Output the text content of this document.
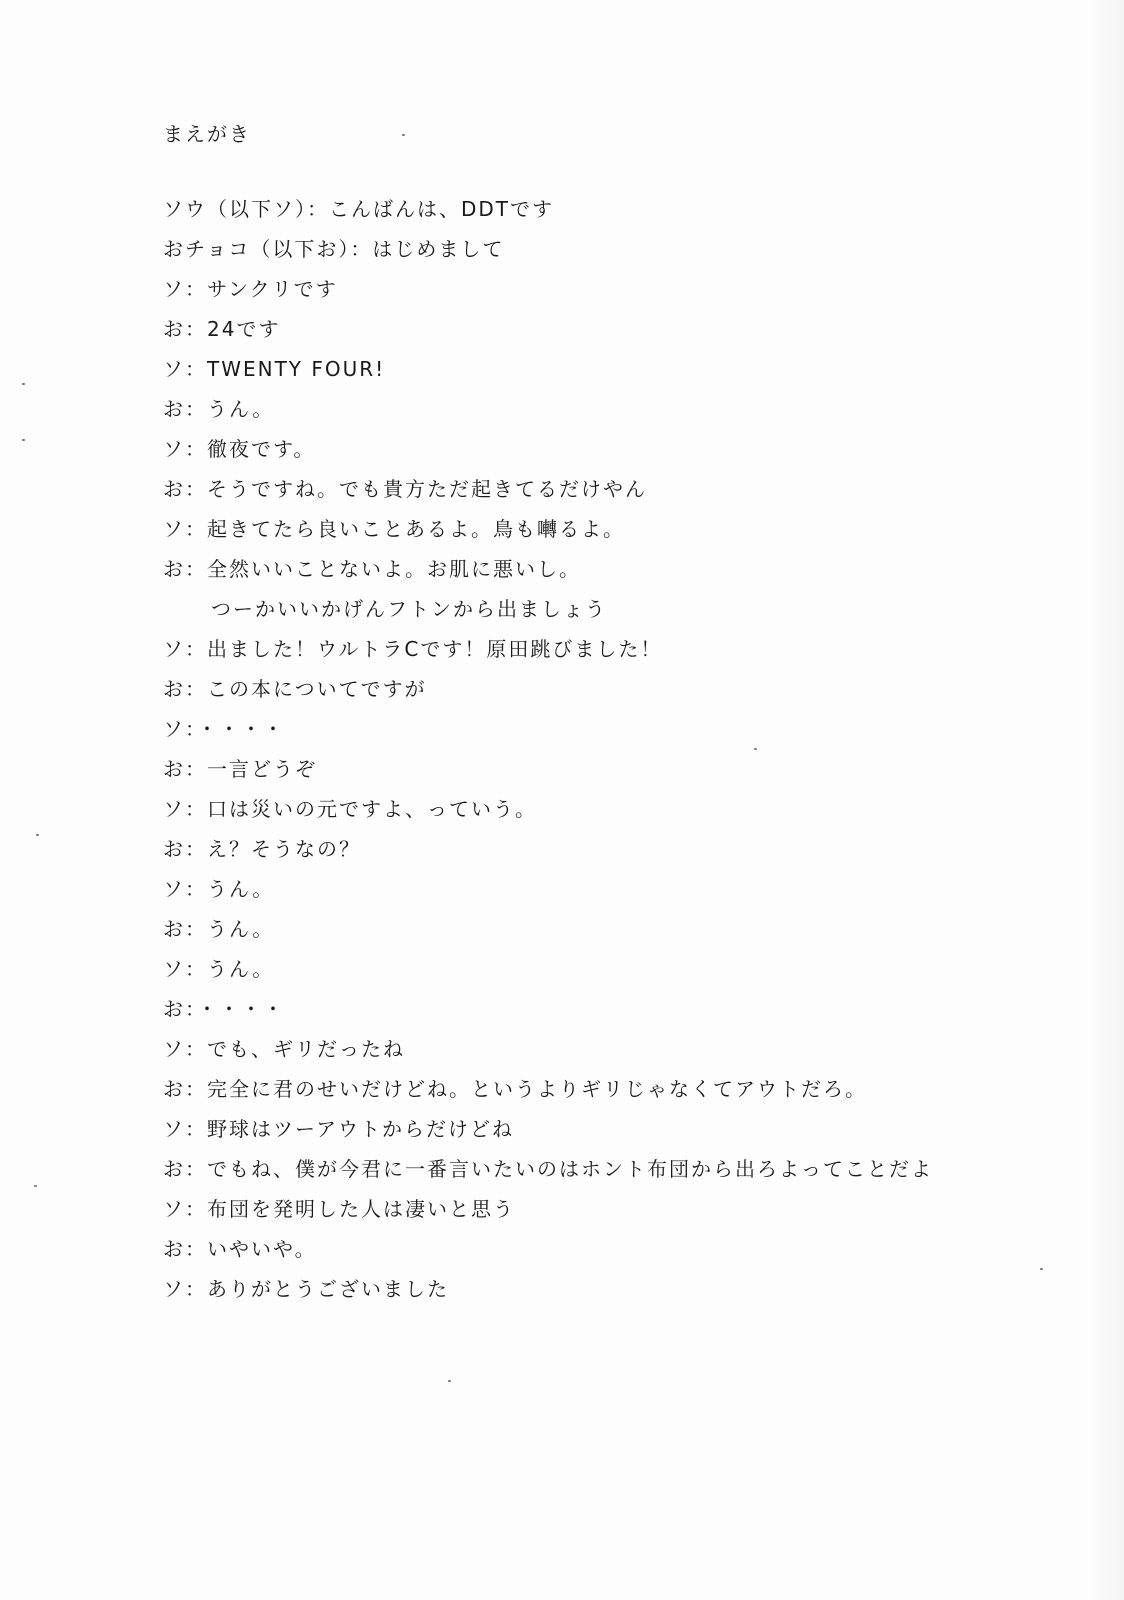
まえがき
ソウ（以下ソ）：こんばんは、DDTです
おチョコ（以下お）：はじめまして
ソ：サンクリです
お：24です
ソ：TWENTY FOUR!
お：うん。
ソ：徹夜です。
お：そうですね。でも貴方ただ起きてるだけやん
ソ：起きてたら良いことあるよ。鳥も囀るよ。
お：全然いいことないよ。お肌に悪いし。
つーかいいかげんフトンから出ましょう
ソ：出ました！ウルトラCです！原田跳びました！
お：この本についてですが
ソ：・・・・
お：一言どうぞ
ソ：口は災いの元ですよ、っていう。
お：え？そうなの？
ソ：うん。
お：うん。
ソ：うん。
お：・・・・
ソ：でも、ギリだったね
お：完全に君のせいだけどね。というよりギリじゃなくてアウトだろ。
ソ：野球はツーアウトからだけどね
お：でもね、僕が今君に一番言いたいのはホント布団から出ろよってことだよ
ソ：布団を発明した人は凄いと思う
お：いやいや。
ソ：ありがとうございました
